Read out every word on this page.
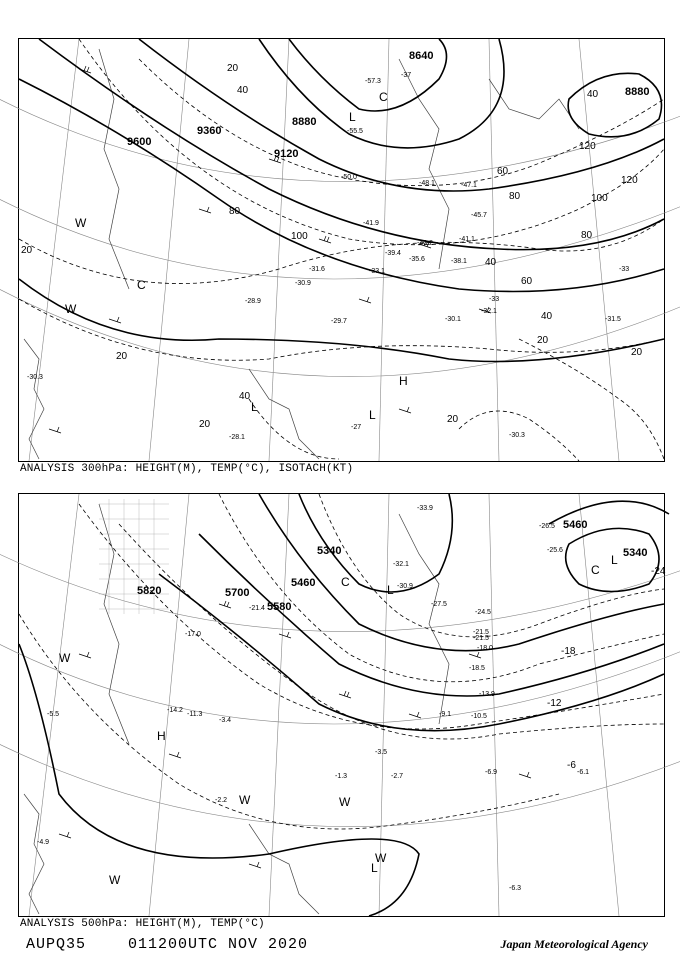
9600
9360
9120
8880
8640
8880
20
40
60
80	100
120
80
100
120
80
60
40
20
20
40
20
40
20
20
40
20
L
L
L
H
C
C
W
W
-57.3
-55.5
-50.0
-48.1
-45.7
-41.9
-40.2
-39.4
-38.1
-35.6
-33.1
-31.6
-30.9
-30.1
-29.7
-28.9
-30.3
-32.1
-31.5
-41.1
-47.1
-30.3
-28.1
-27
-33
-37
-33
ANALYSIS 300hPa: HEIGHT(M), TEMP(°C), ISOTACH(KT)
5820	5700
5580
5460
5340
5460
5340
-24
-18
-12
-6
L
L
L
H
C
C
W
W	W
W
W
-32.1
-30.9
-27.5
-24.5
-21.5
-18.5
-13.9
-10.5
-9.1
-6.9
-5.5
-4.9
-3.5
-2.7
-1.3
-6.1
-6.3
-26.5
-25.6
-18.0
-21.5
-33.9
-21.4
-17.0
-14.2
-11.3
-3.4
-2.2
ANALYSIS 500hPa: HEIGHT(M), TEMP(°C)
AUPQ35	011200UTC NOV 2020	Japan Meteorological Agency
